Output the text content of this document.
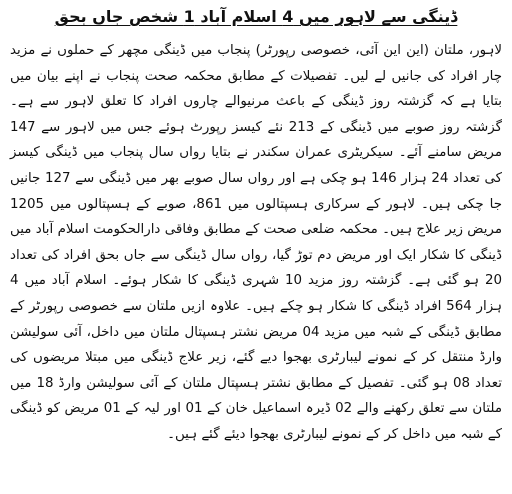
ڈینگی سے لاہور میں 4 اسلام آباد 1 شخص جاں بحق

لاہور، ملتان (این این آئی، خصوصی رپورٹر) پنجاب میں ڈینگی مچھر کے حملوں نے مزید چار افراد کی جانیں لے لیں۔ تفصیلات کے مطابق محکمہ صحت پنجاب نے اپنے بیان میں بتایا ہے کہ گزشتہ روز ڈینگی کے باعث مرنیوالے چاروں افراد کا تعلق لاہور سے ہے۔ گزشتہ روز صوبے میں ڈینگی کے 213 نئے کیسز رپورٹ ہوئے جس میں لاہور سے 147 مریض سامنے آئے۔ سیکریٹری عمران سکندر نے بتایا رواں سال پنجاب میں ڈینگی کیسز کی تعداد 24 ہزار 146 ہو چکی ہے اور رواں سال صوبے بھر میں ڈینگی سے 127 جانیں جا چکی ہیں۔ لاہور کے سرکاری ہسپتالوں میں 861، صوبے کے ہسپتالوں میں 1205 مریض زیر علاج ہیں۔ محکمہ ضلعی صحت کے مطابق وفاقی دارالحکومت اسلام آباد میں ڈینگی کا شکار ایک اور مریض دم توڑ گیا، رواں سال ڈینگی سے جاں بحق افراد کی تعداد 20 ہو گئی ہے۔ گزشتہ روز مزید 10 شہری ڈینگی کا شکار ہوئے۔ اسلام آباد میں 4 ہزار 564 افراد ڈینگی کا شکار ہو چکے ہیں۔ علاوہ ازیں ملتان سے خصوصی رپورٹر کے مطابق ڈینگی کے شبہ میں مزید 04 مریض نشتر ہسپتال ملتان میں داخل، آئی سولیشن وارڈ منتقل کر کے نمونے لیبارٹری بھجوا دیے گئے، زیر علاج ڈینگی میں مبتلا مریضوں کی تعداد 08 ہو گئی۔ تفصیل کے مطابق نشتر ہسپتال ملتان کے آئی سولیشن وارڈ 18 میں ملتان سے تعلق رکھنے والے 02 ڈیرہ اسماعیل خان کے 01 اور لیہ کے 01 مریض کو ڈینگی کے شبہ میں داخل کر کے نمونے لیبارٹری بھجوا دیئے گئے ہیں۔
